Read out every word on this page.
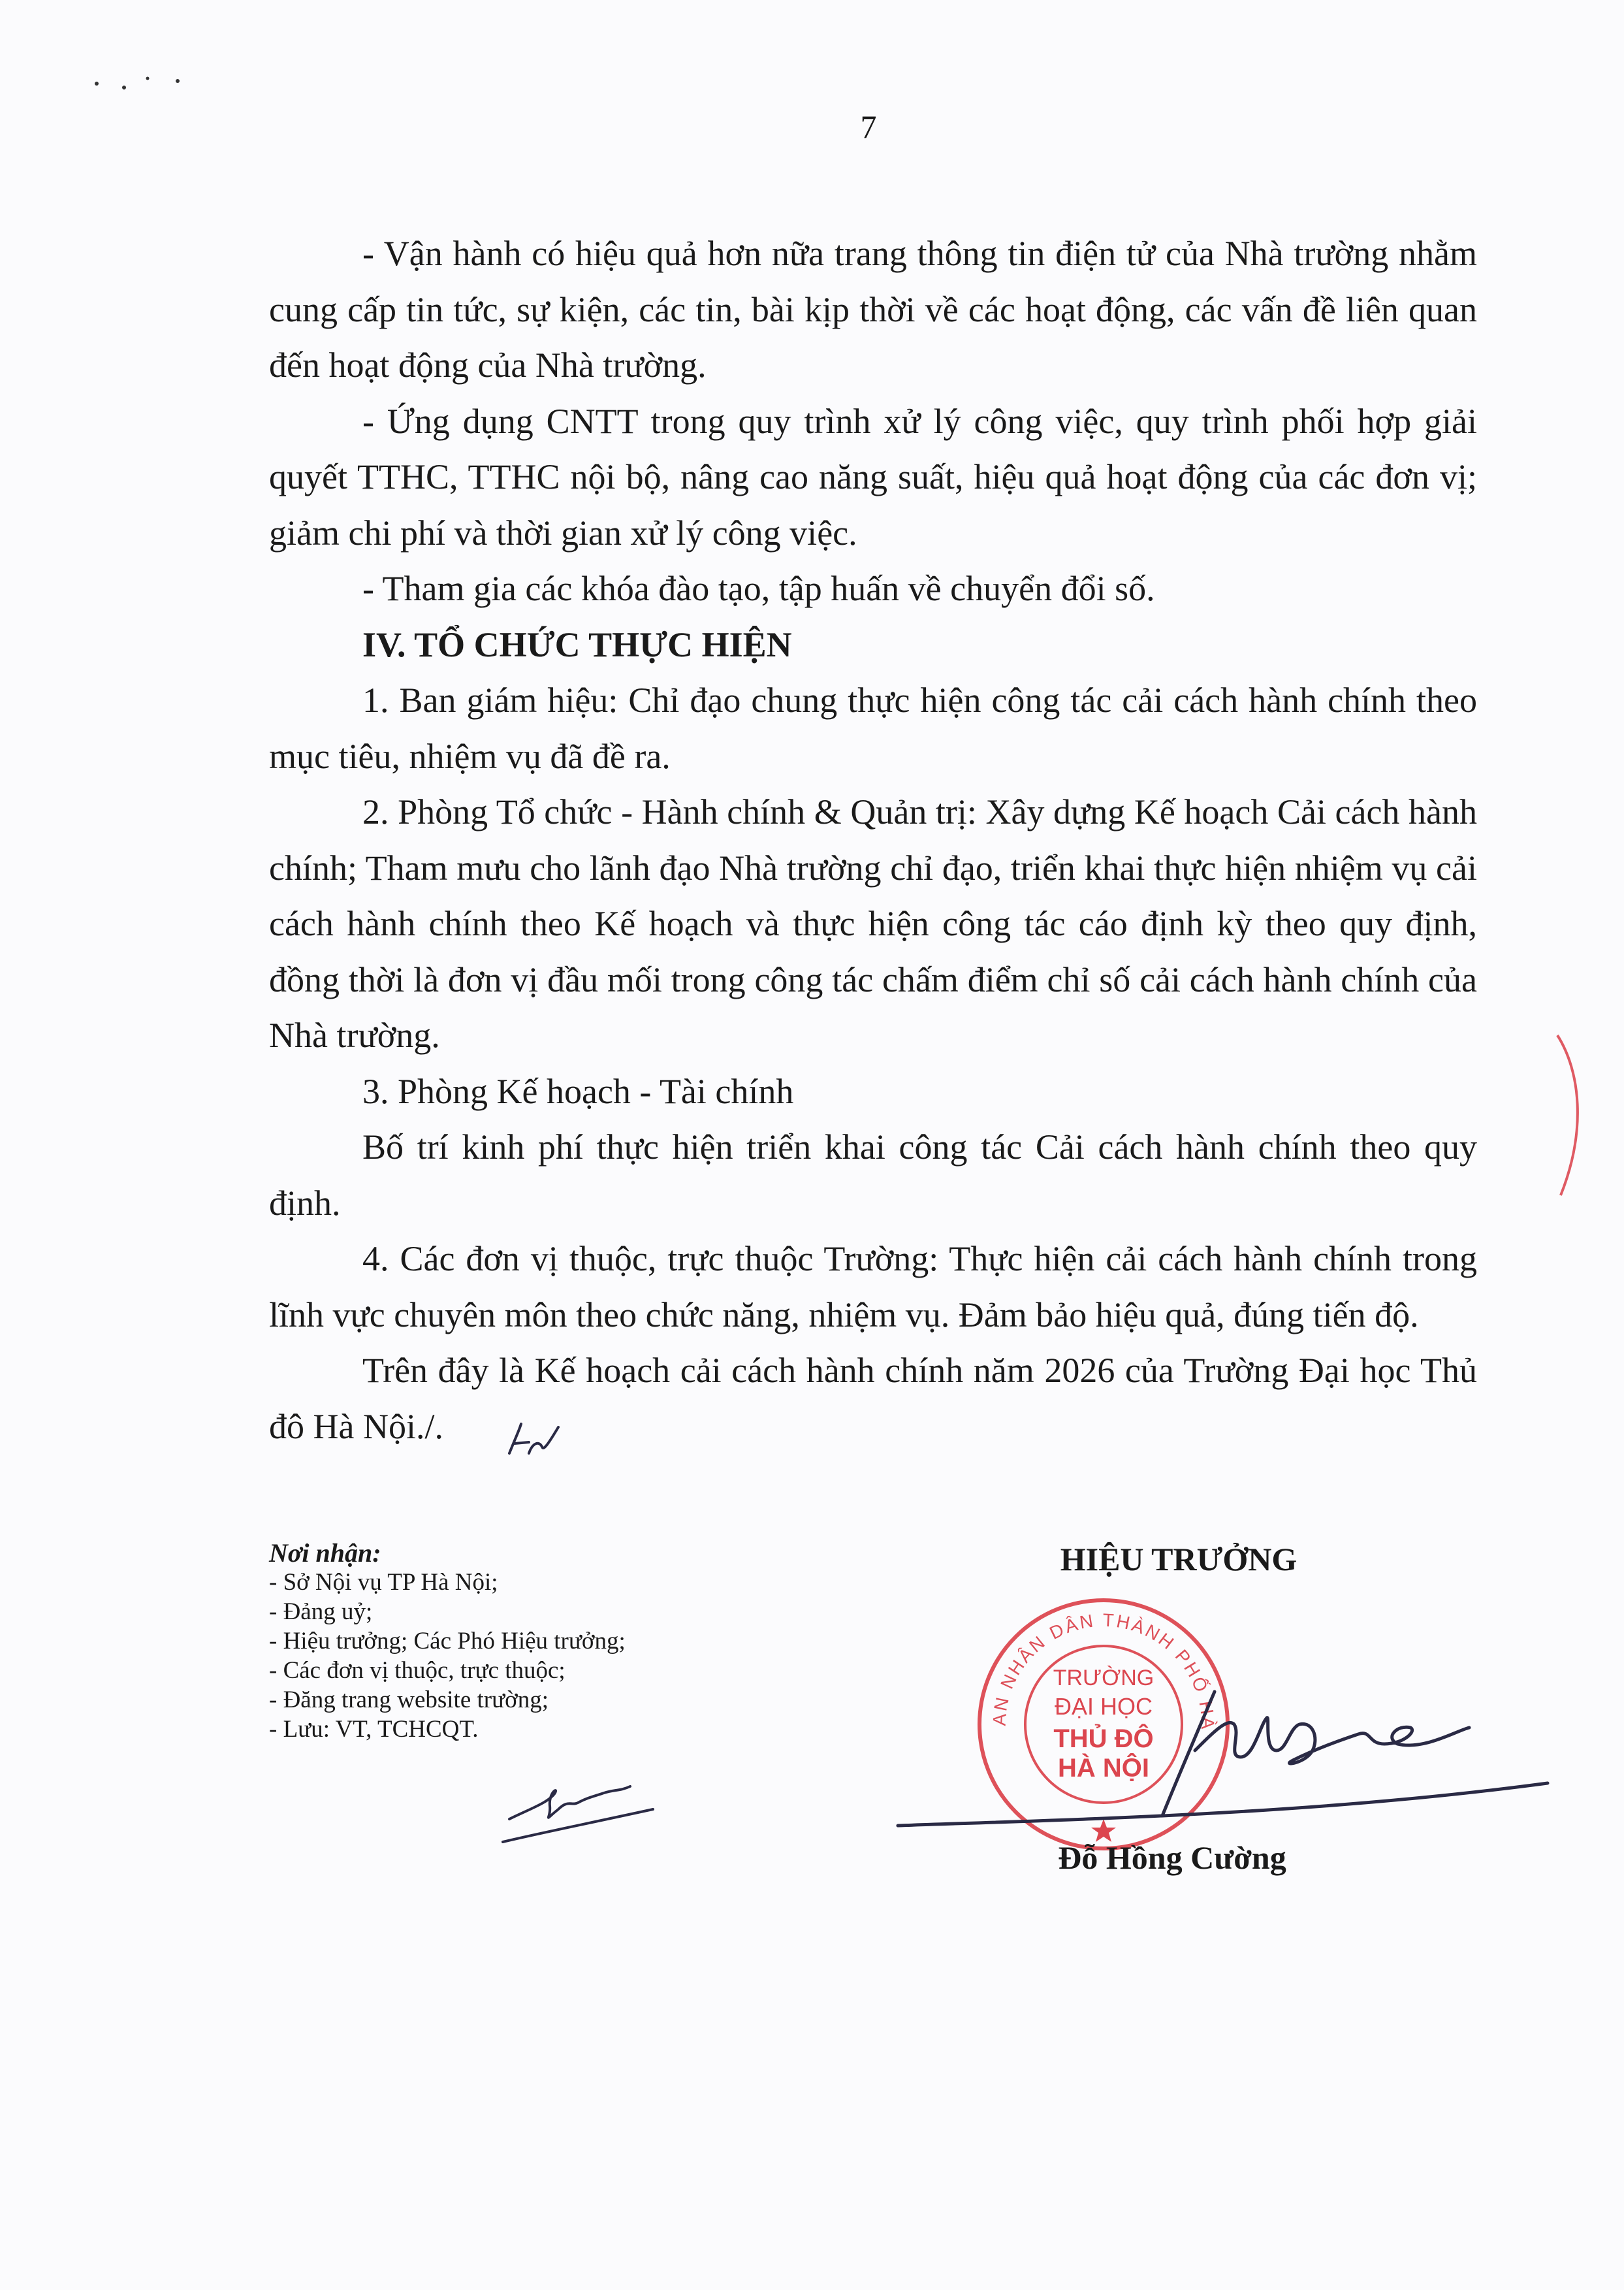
7

- Vận hành có hiệu quả hơn nữa trang thông tin điện tử của Nhà trường nhằm cung cấp tin tức, sự kiện, các tin, bài kịp thời về các hoạt động, các vấn đề liên quan đến hoạt động của Nhà trường.

- Ứng dụng CNTT trong quy trình xử lý công việc, quy trình phối hợp giải quyết TTHC, TTHC nội bộ, nâng cao năng suất, hiệu quả hoạt động của các đơn vị; giảm chi phí và thời gian xử lý công việc.

- Tham gia các khóa đào tạo, tập huấn về chuyển đổi số.

IV. TỔ CHỨC THỰC HIỆN

1. Ban giám hiệu: Chỉ đạo chung thực hiện công tác cải cách hành chính theo mục tiêu, nhiệm vụ đã đề ra.

2. Phòng Tổ chức - Hành chính & Quản trị: Xây dựng Kế hoạch Cải cách hành chính; Tham mưu cho lãnh đạo Nhà trường chỉ đạo, triển khai thực hiện nhiệm vụ cải cách hành chính theo Kế hoạch và thực hiện công tác cáo định kỳ theo quy định, đồng thời là đơn vị đầu mối trong công tác chấm điểm chỉ số cải cách hành chính của Nhà trường.

3. Phòng Kế hoạch - Tài chính

Bố trí kinh phí thực hiện triển khai công tác Cải cách hành chính theo quy định.

4. Các đơn vị thuộc, trực thuộc Trường: Thực hiện cải cách hành chính trong lĩnh vực chuyên môn theo chức năng, nhiệm vụ. Đảm bảo hiệu quả, đúng tiến độ.

Trên đây là Kế hoạch cải cách hành chính năm 2026 của Trường Đại học Thủ đô Hà Nội./.

Nơi nhận:
- Sở Nội vụ TP Hà Nội;
- Đảng uỷ;
- Hiệu trưởng; Các Phó Hiệu trưởng;
- Các đơn vị thuộc, trực thuộc;
- Đăng trang website trường;
- Lưu: VT, TCHCQT.
HIỆU TRƯỞNG
AN NHÂN DÂN THÀNH PHỐ HÀ
TRƯỜNG
ĐẠI HỌC
THỦ ĐÔ
HÀ NỘI
Đỗ Hồng Cường
